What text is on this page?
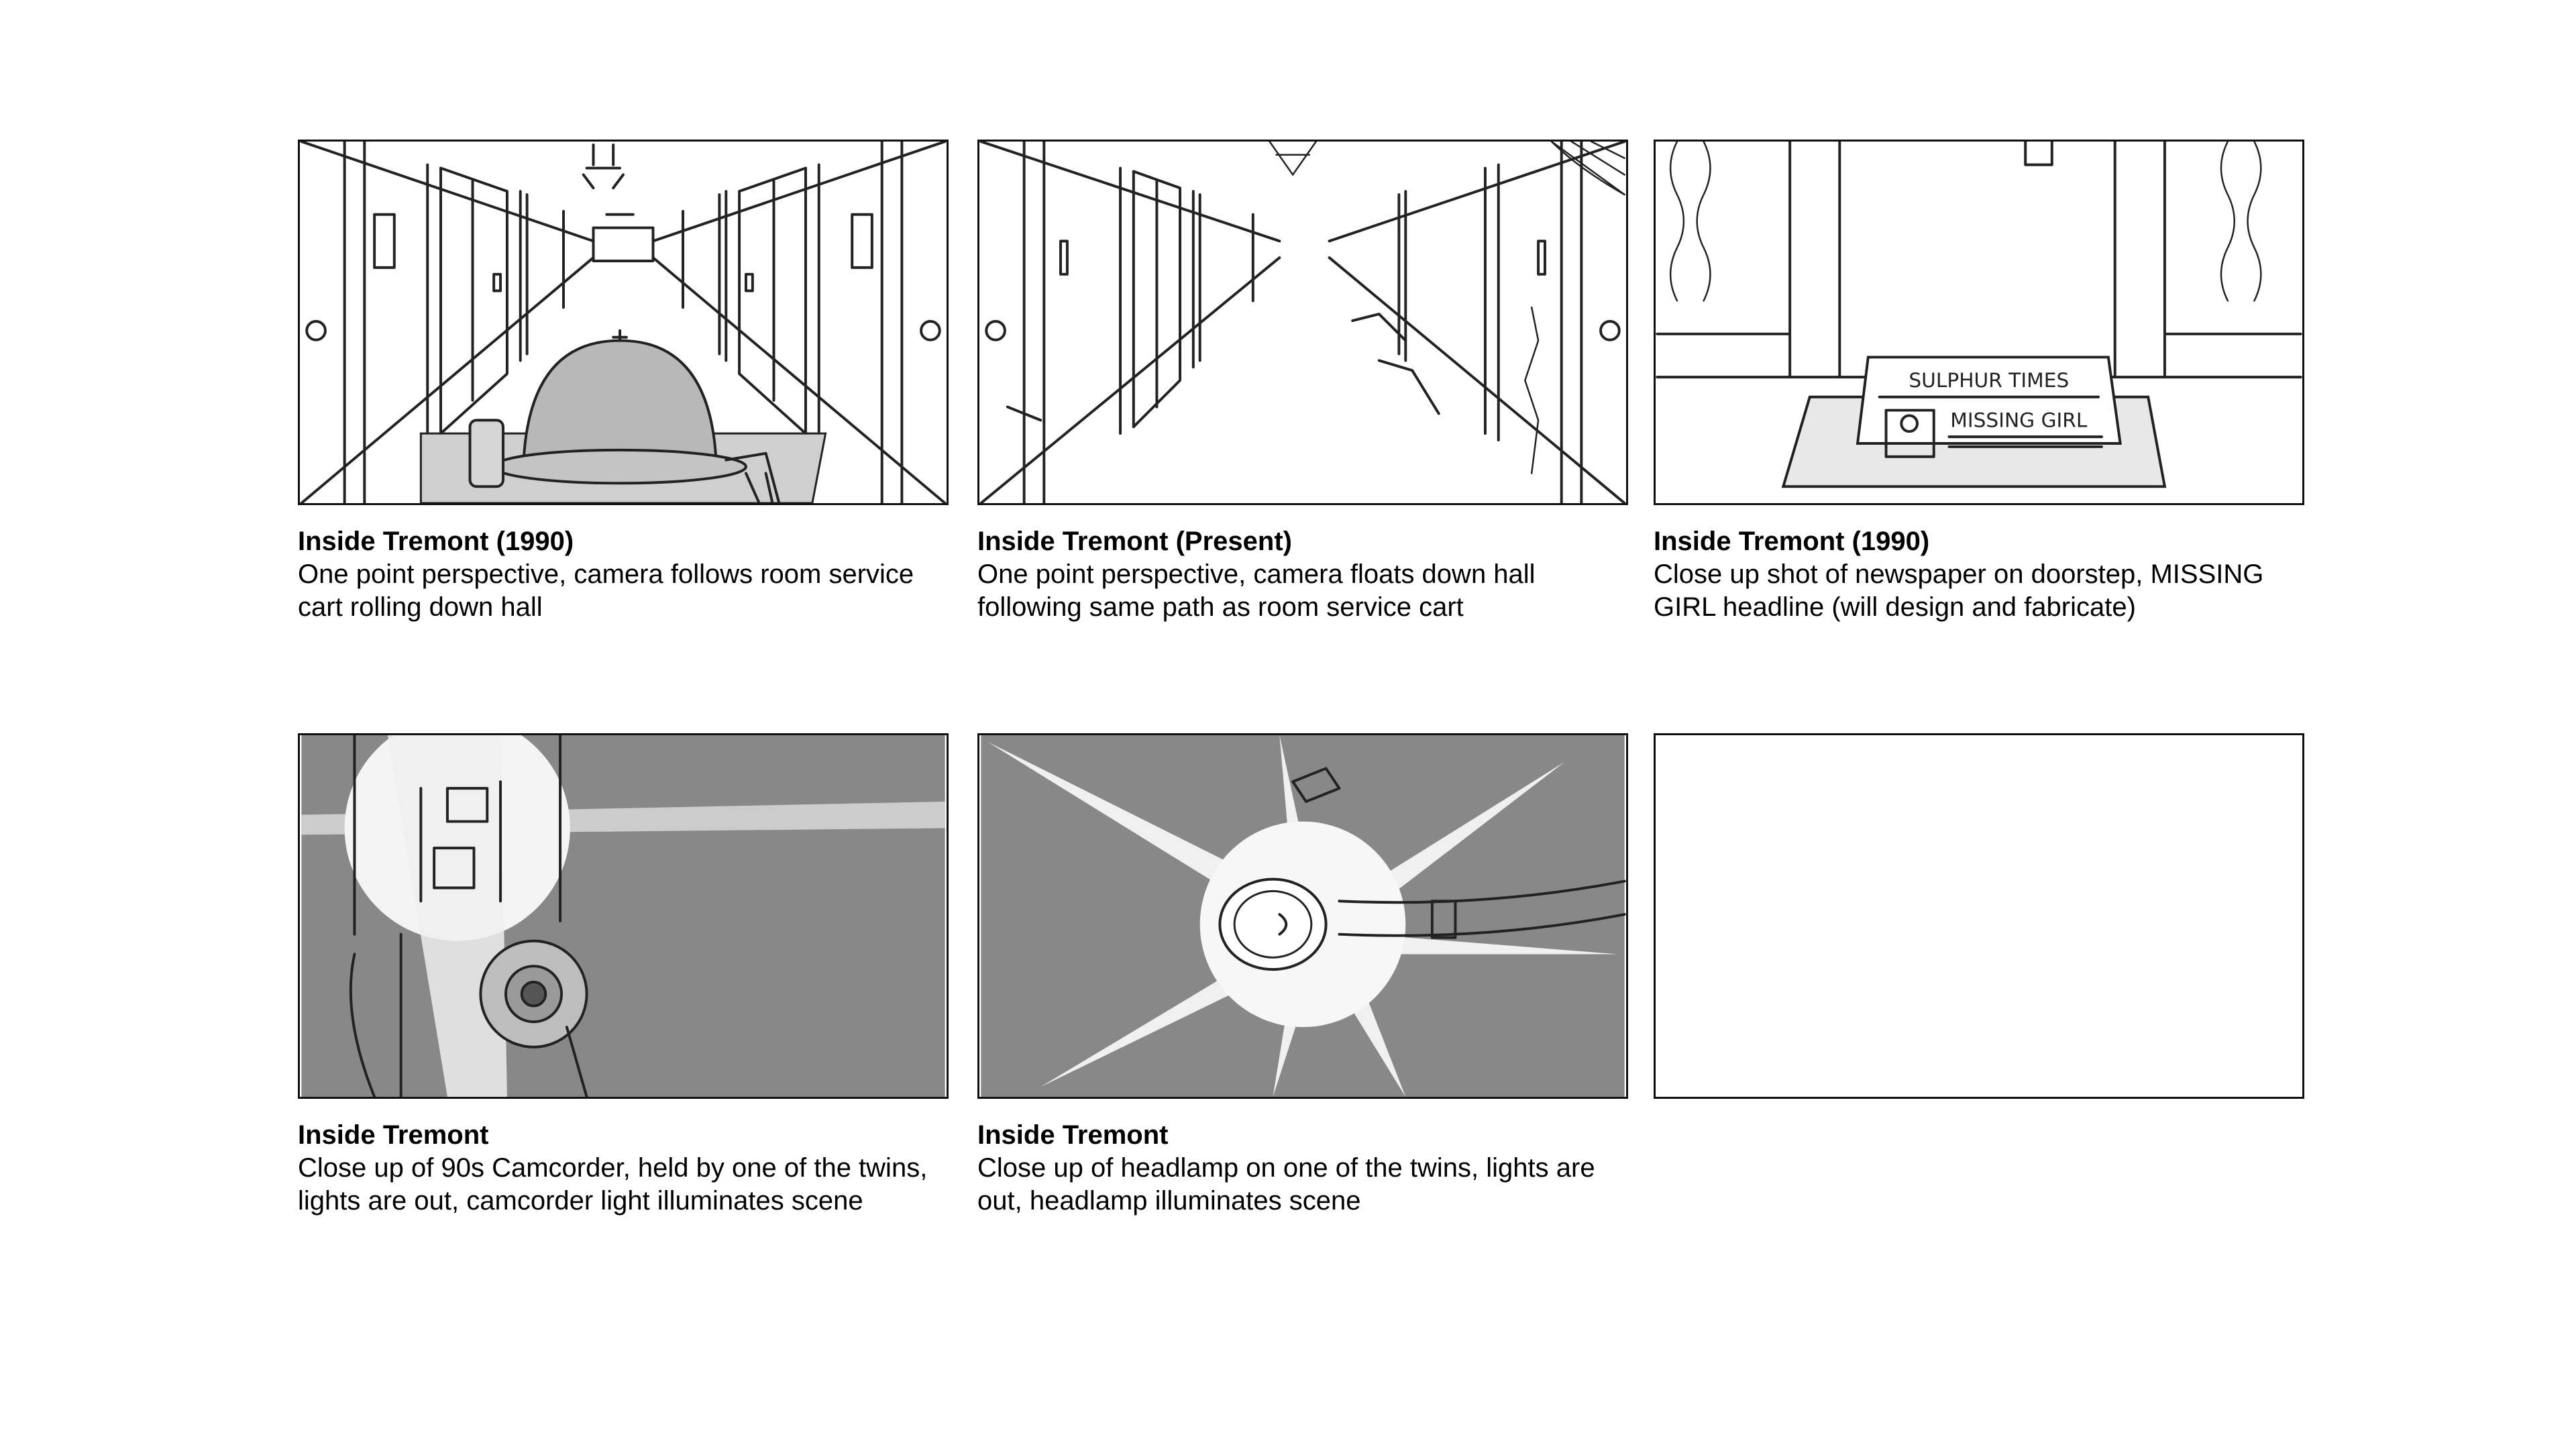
Inside Tremont (1990)
One point perspective, camera follows room service cart rolling down hall
Inside Tremont (Present)
One point perspective, camera floats down hall following same path as room service cart
SULPHUR TIMES
MISSING GIRL
Inside Tremont (1990)
Close up shot of newspaper on doorstep, MISSING GIRL headline (will design and fabricate)
Inside Tremont
Close up of 90s Camcorder, held by one of the twins, lights are out, camcorder light illuminates scene
Inside Tremont
Close up of headlamp on one of the twins, lights are out, headlamp illuminates scene
